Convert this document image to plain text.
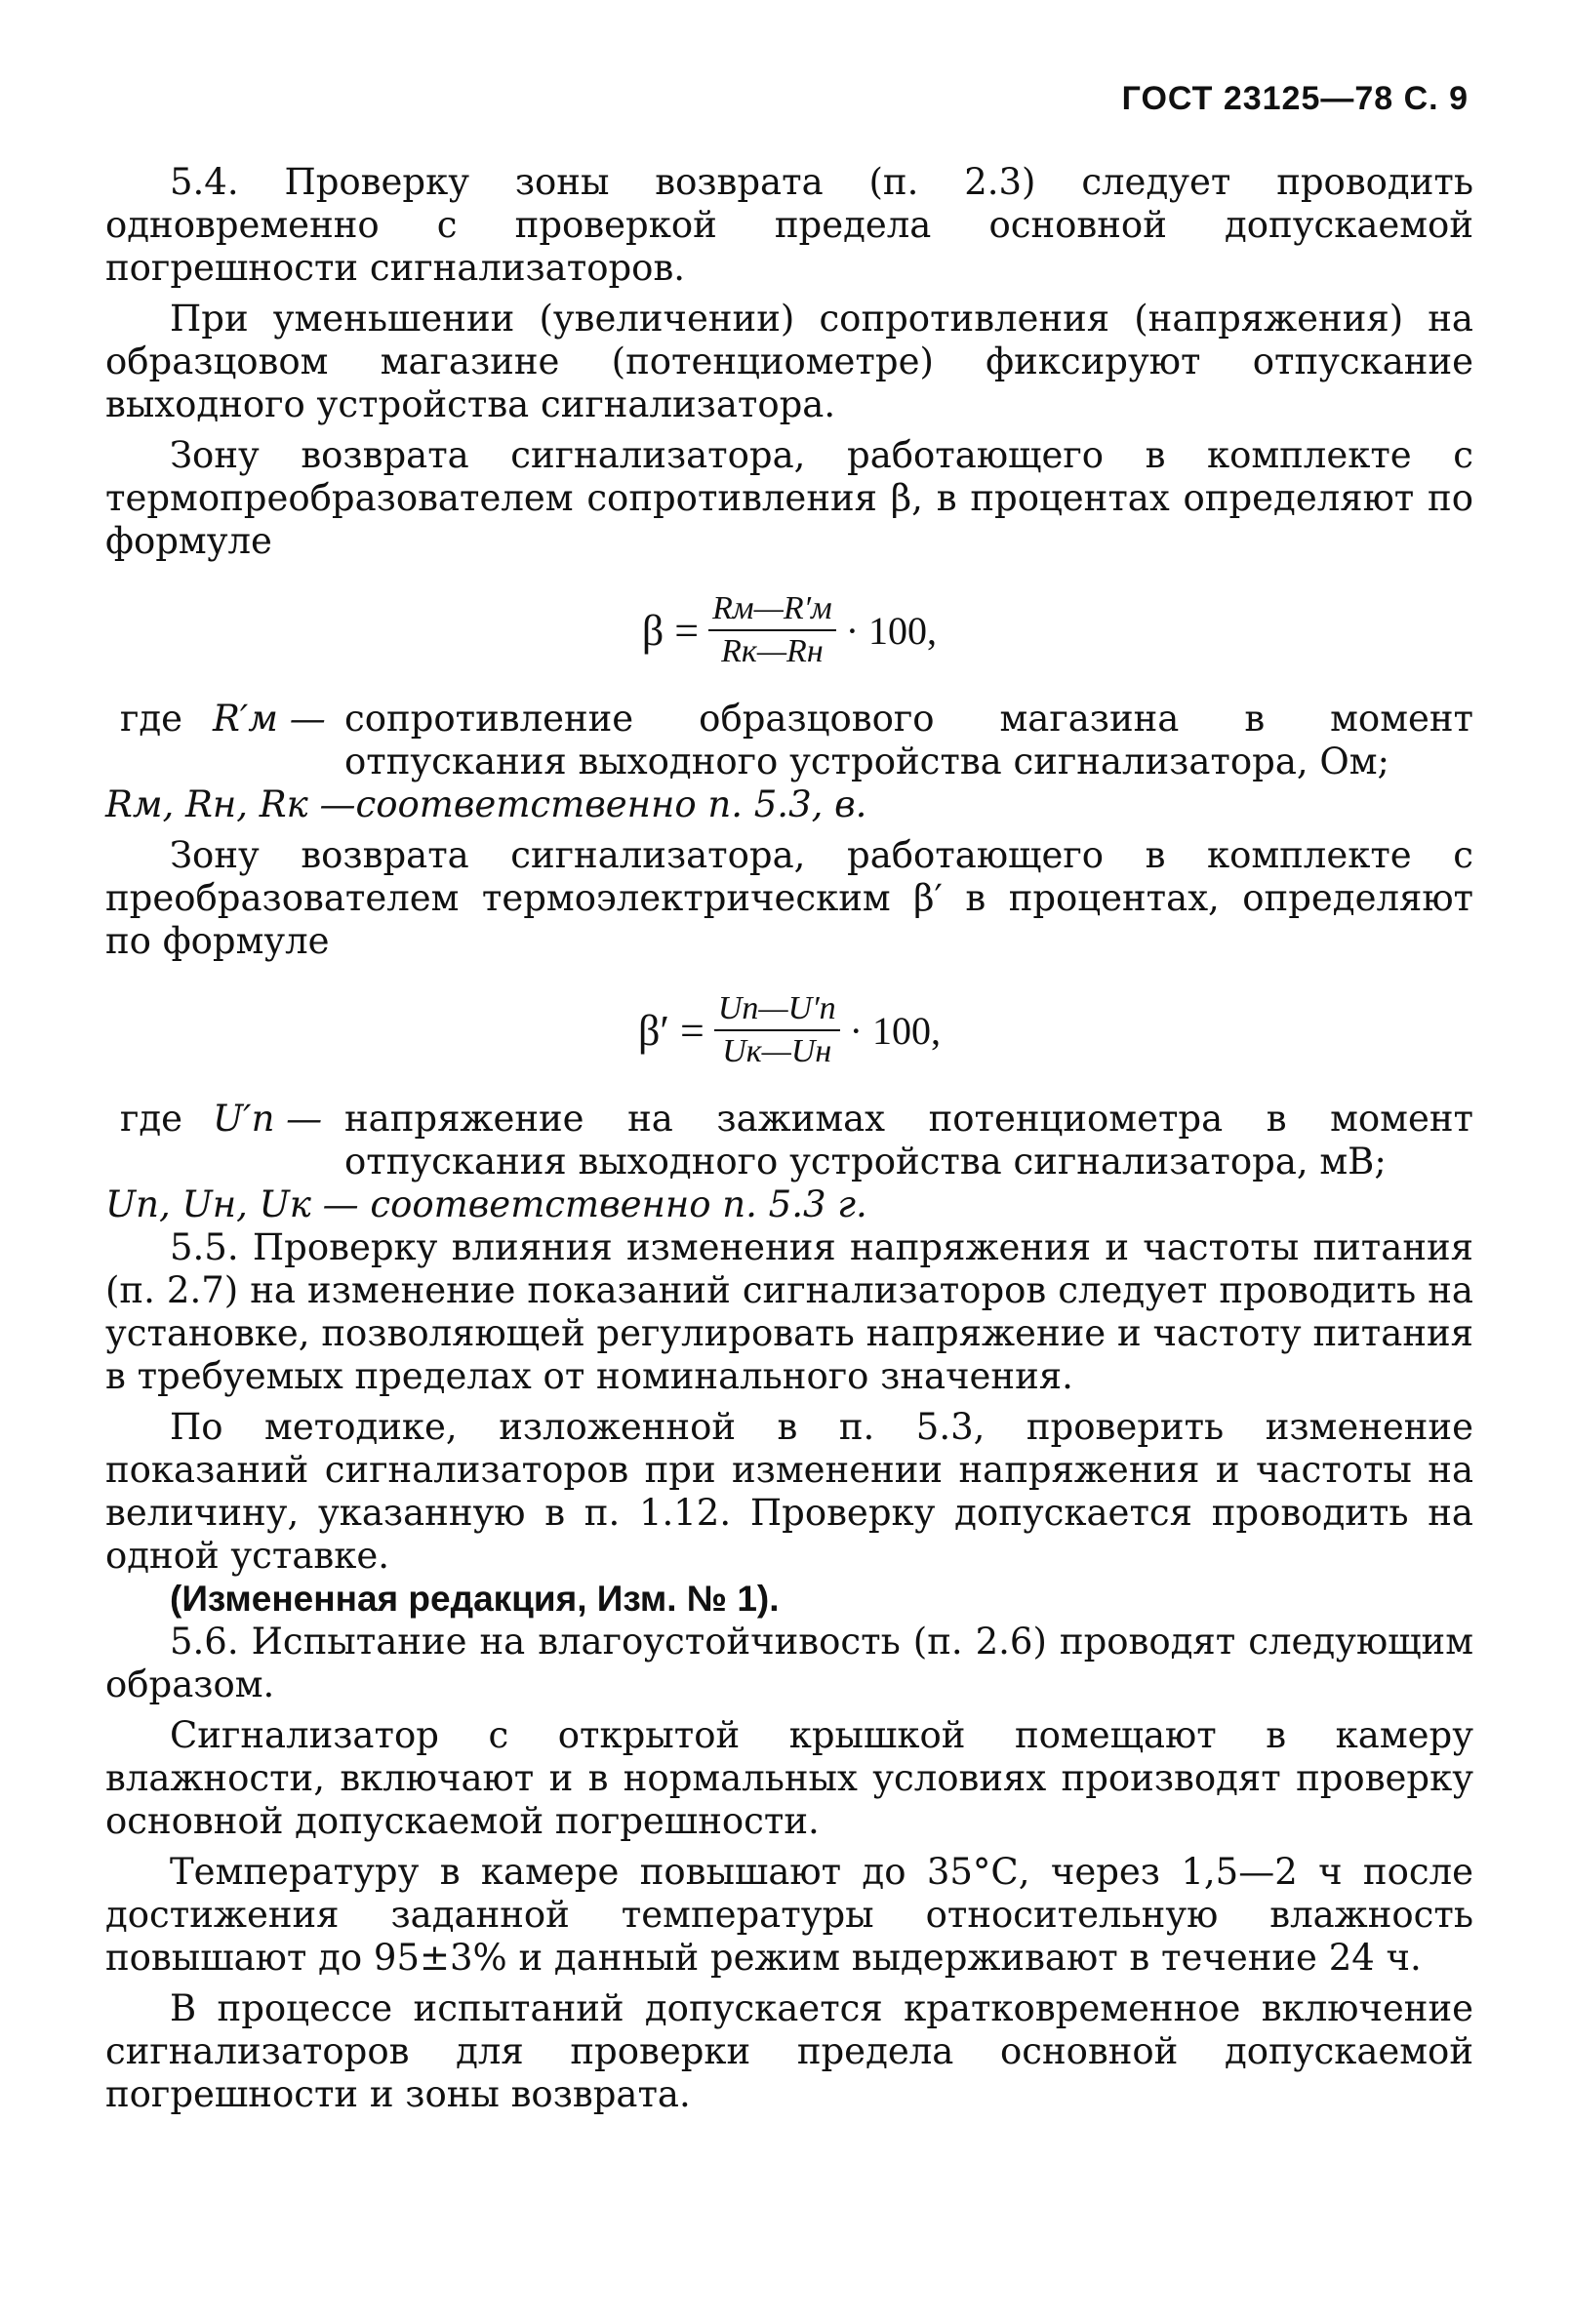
ГОСТ 23125—78 С. 9

5.4. Проверку зоны возврата (п. 2.3) следует проводить одновременно с проверкой предела основной допускаемой погрешности сигнализаторов.

При уменьшении (увеличении) сопротивления (напряжения) на образцовом магазине (потенциометре) фиксируют отпускание выходного устройства сигнализатора.

Зону возврата сигнализатора, работающего в комплекте с термопреобразователем сопротивления β, в процентах определяют по формуле

$\beta = \frac{Rм—R'м}{Rк—Rн} \cdot 100$,
где R′м — сопротивление образцового магазина в момент отпускания выходного устройства сигнализатора, Ом;
Rм, Rн, Rк —соответственно п. 5.3, в.

Зону возврата сигнализатора, работающего в комплекте с преобразователем термоэлектрическим β′ в процентах, определяют по формуле

$\beta' = \frac{Uп—U'п}{Uк—Uн} \cdot 100$,
где U′п — напряжение на зажимах потенциометра в момент отпускания выходного устройства сигнализатора, мВ;
Uп, Uн, Uк — соответственно п. 5.3 г.

5.5. Проверку влияния изменения напряжения и частоты питания (п. 2.7) на изменение показаний сигнализаторов следует проводить на установке, позволяющей регулировать напряжение и частоту питания в требуемых пределах от номинального значения.

По методике, изложенной в п. 5.3, проверить изменение показаний сигнализаторов при изменении напряжения и частоты на величину, указанную в п. 1.12. Проверку допускается проводить на одной уставке.

(Измененная редакция, Изм. № 1).

5.6. Испытание на влагоустойчивость (п. 2.6) проводят следующим образом.

Сигнализатор с открытой крышкой помещают в камеру влажности, включают и в нормальных условиях производят проверку основной допускаемой погрешности.

Температуру в камере повышают до 35°С, через 1,5—2 ч после достижения заданной температуры относительную влажность повышают до 95±3% и данный режим выдерживают в течение 24 ч.

В процессе испытаний допускается кратковременное включение сигнализаторов для проверки предела основной допускаемой погрешности и зоны возврата.
